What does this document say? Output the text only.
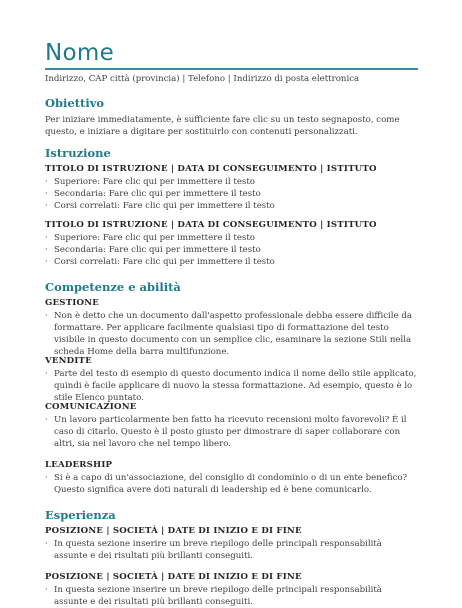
Nome
Indirizzo, CAP città (provincia) | Telefono | Indirizzo di posta elettronica
Obiettivo
Per iniziare immediatamente, è sufficiente fare clic su un testo segnaposto, come questo, e iniziare a digitare per sostituirlo con contenuti personalizzati.
Istruzione
TITOLO DI ISTRUZIONE | DATA DI CONSEGUIMENTO | ISTITUTO
· Superiore: Fare clic qui per immettere il testo
· Secondaria: Fare clic qui per immettere il testo
· Corsi correlati: Fare clic qui per immettere il testo
TITOLO DI ISTRUZIONE | DATA DI CONSEGUIMENTO | ISTITUTO
· Superiore: Fare clic qui per immettere il testo
· Secondaria: Fare clic qui per immettere il testo
· Corsi correlati: Fare clic qui per immettere il testo
Competenze e abilità
GESTIONE
· Non è detto che un documento dall'aspetto professionale debba essere difficile da formattare. Per applicare facilmente qualsiasi tipo di formattazione del testo visibile in questo documento con un semplice clic, esaminare la sezione Stili nella scheda Home della barra multifunzione.
VENDITE
· Parte del testo di esempio di questo documento indica il nome dello stile applicato, quindi è facile applicare di nuovo la stessa formattazione. Ad esempio, questo è lo stile Elenco puntato.
COMUNICAZIONE
· Un lavoro particolarmente ben fatto ha ricevuto recensioni molto favorevoli? È il caso di citarlo. Questo è il posto giusto per dimostrare di saper collaborare con altri, sia nel lavoro che nel tempo libero.
LEADERSHIP
· Si è a capo di un'associazione, del consiglio di condominio o di un ente benefico? Questo significa avere doti naturali di leadership ed è bene comunicarlo.
Esperienza
POSIZIONE | SOCIETÀ | DATE DI INIZIO E DI FINE
· In questa sezione inserire un breve riepilogo delle principali responsabilità assunte e dei risultati più brillanti conseguiti.
POSIZIONE | SOCIETÀ | DATE DI INIZIO E DI FINE
· In questa sezione inserire un breve riepilogo delle principali responsabilità assunte e dei risultati più brillanti conseguiti.
